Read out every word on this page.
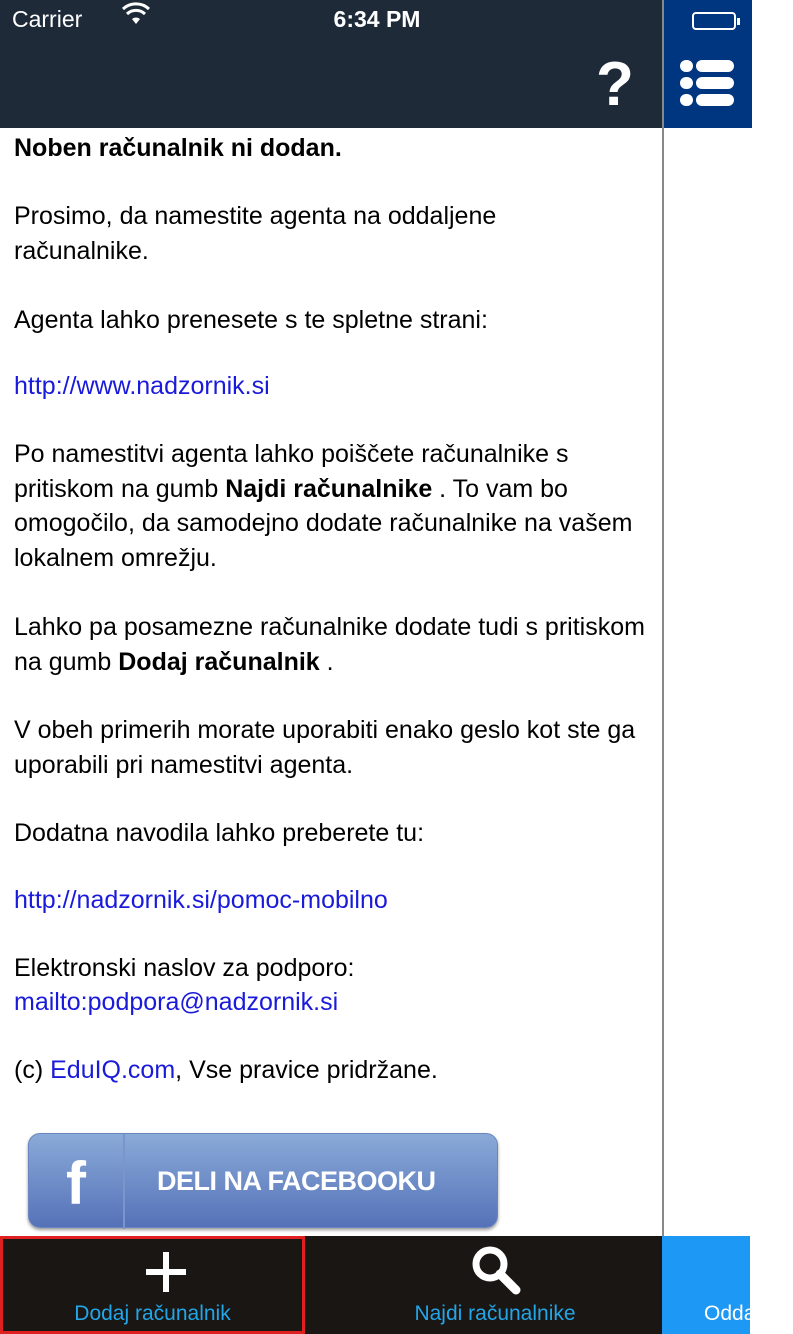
Carrier
?
Noben računalnik ni dodan.
Prosimo, da namestite agenta na oddaljene računalnike.
Agenta lahko prenesete s te spletne strani:
http://www.nadzornik.si
Po namestitvi agenta lahko poiščete računalnike s pritiskom na gumb Najdi računalnike . To vam bo omogočilo, da samodejno dodate računalnike na vašem lokalnem omrežju.
Lahko pa posamezne računalnike dodate tudi s pritiskom na gumb Dodaj računalnik .
V obeh primerih morate uporabiti enako geslo kot ste ga uporabili pri namestitvi agenta.
Dodatna navodila lahko preberete tu:
http://nadzornik.si/pomoc-mobilno
Elektronski naslov za podporo:
mailto:podpora@nadzornik.si
(c) EduIQ.com, Vse pravice pridržane.
f	DELI NA FACEBOOKU
Dodaj računalnik	Najdi računalnike
6:34 PM
Oddaljeni
